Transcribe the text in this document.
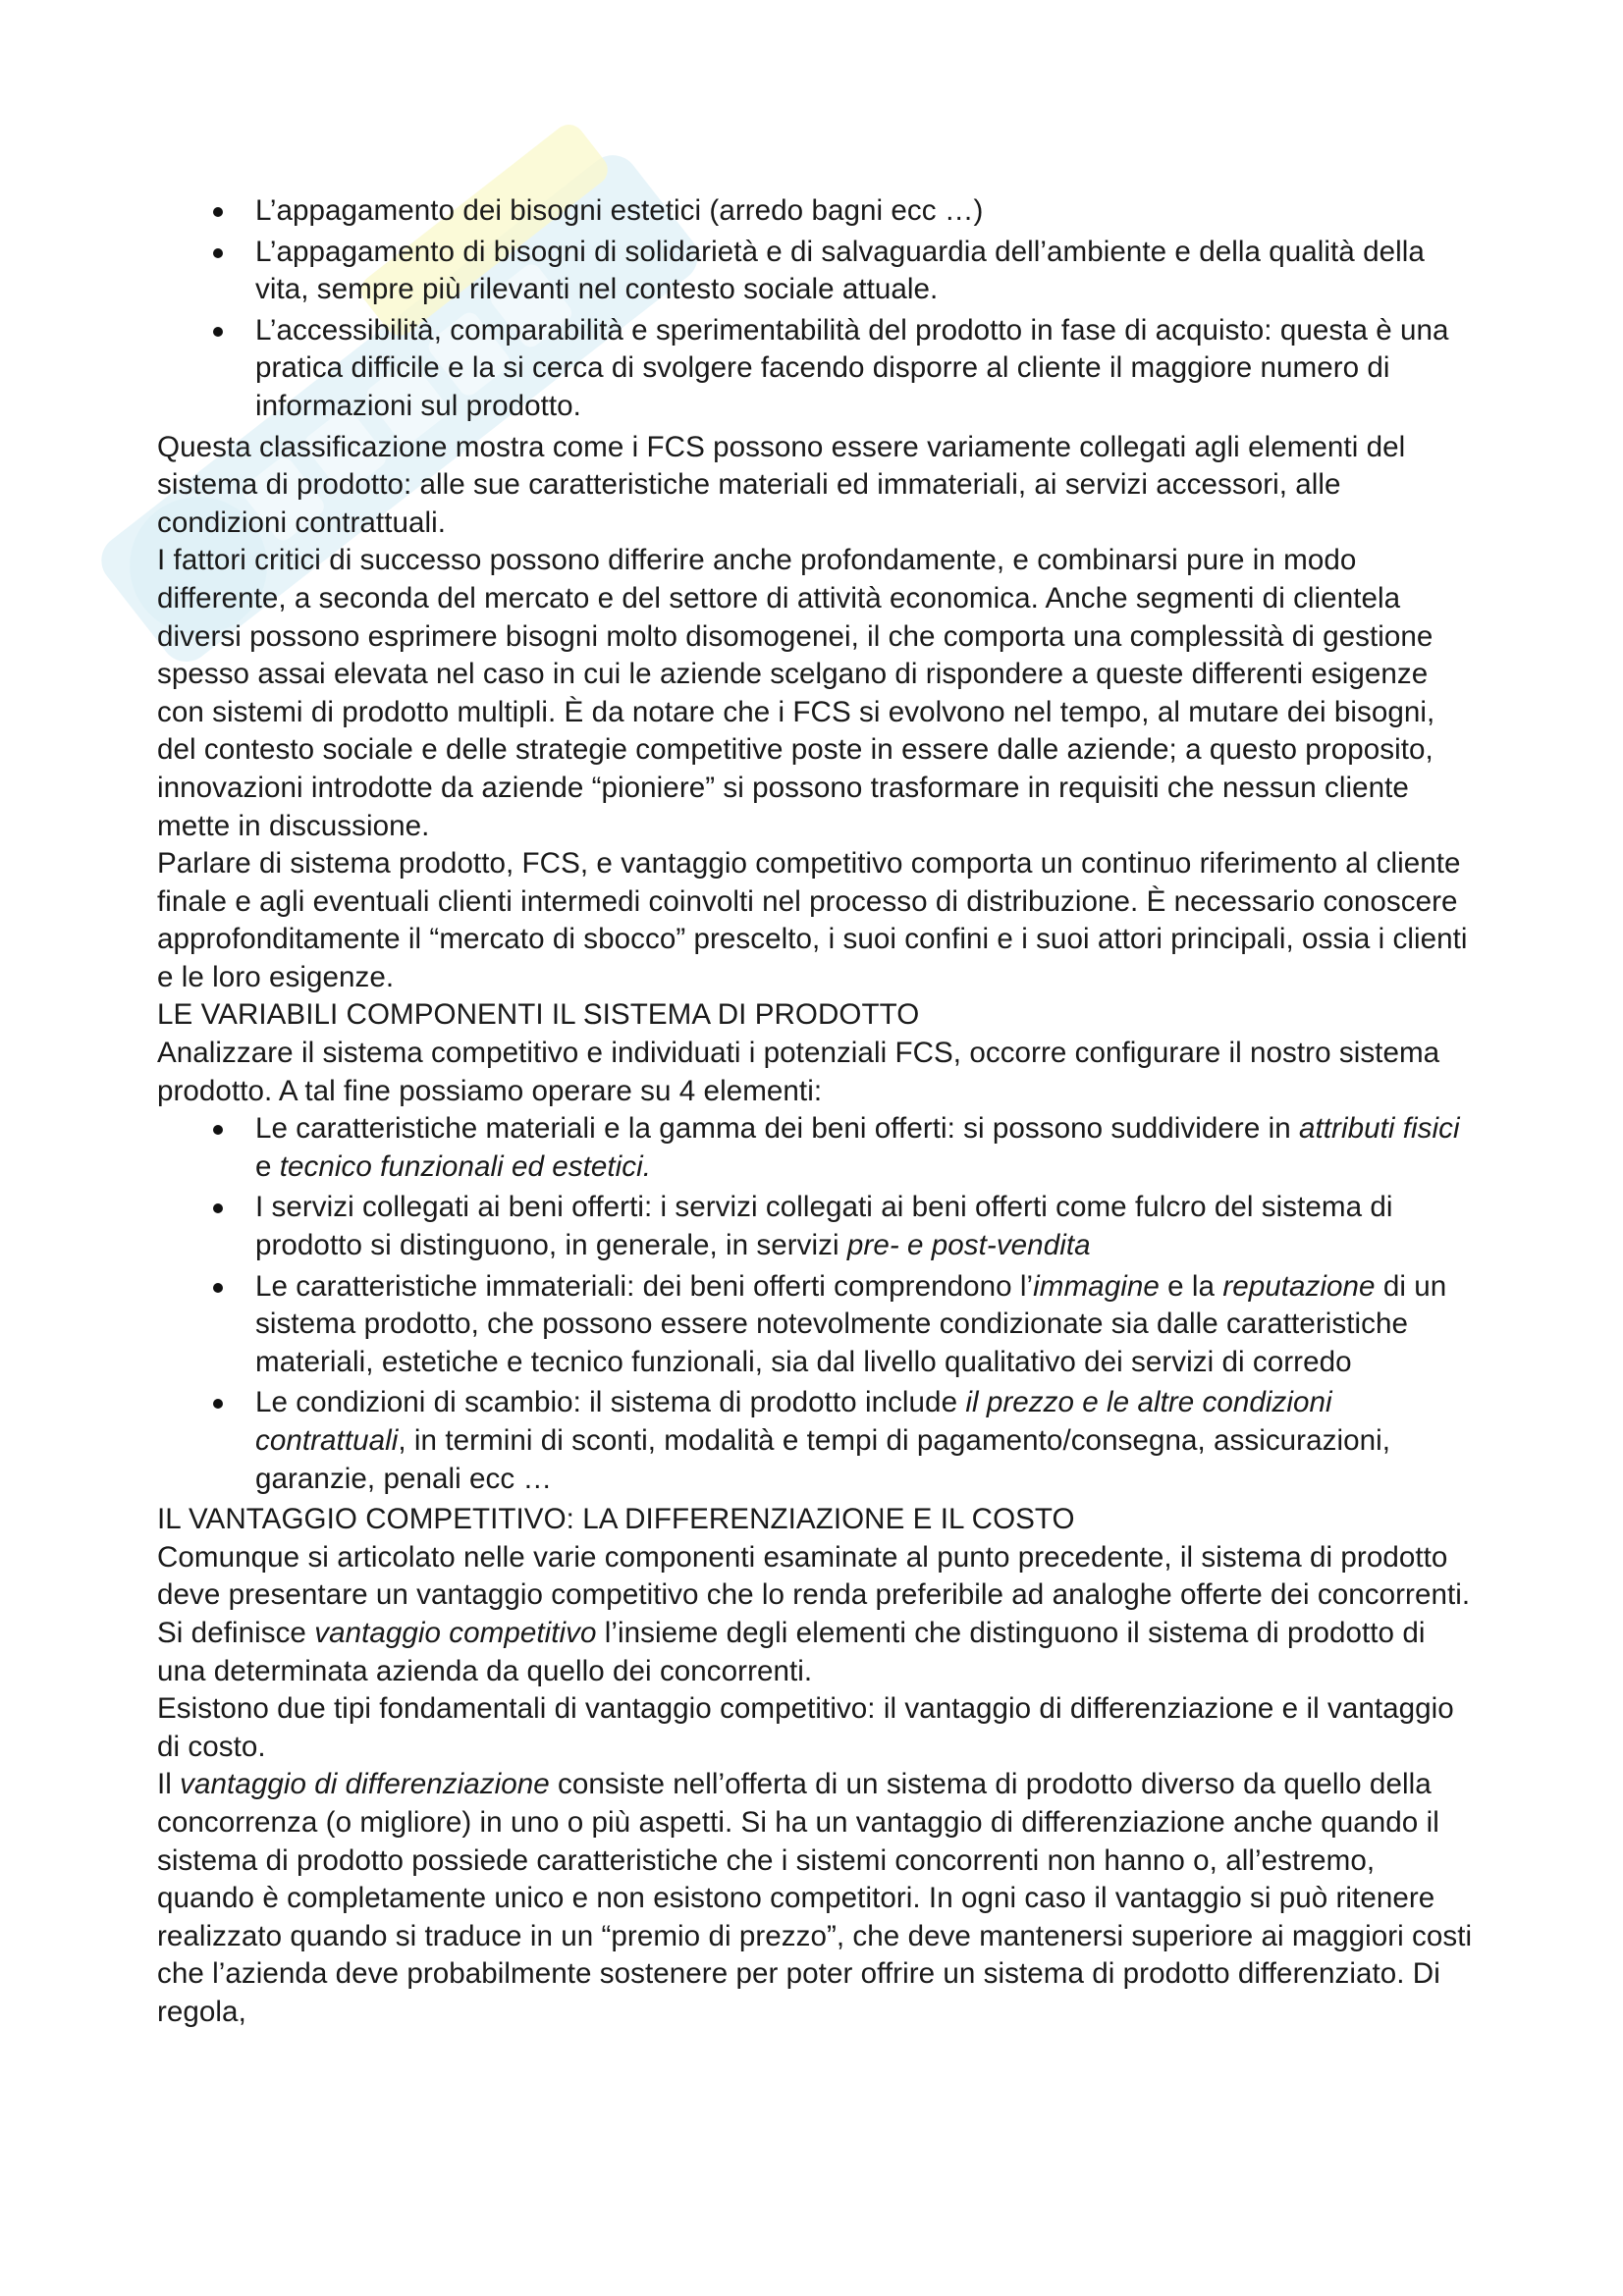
L’appagamento dei bisogni estetici (arredo bagni ecc …)
L’appagamento di bisogni di solidarietà e di salvaguardia dell’ambiente e della qualità della vita, sempre più rilevanti nel contesto sociale attuale.
L’accessibilità, comparabilità e sperimentabilità del prodotto in fase di acquisto: questa è una pratica difficile e la si cerca di svolgere facendo disporre al cliente il maggiore numero di informazioni sul prodotto.

Questa classificazione mostra come i FCS possono essere variamente collegati agli elementi del sistema di prodotto: alle sue caratteristiche materiali ed immateriali, ai servizi accessori, alle condizioni contrattuali.

I fattori critici di successo possono differire anche profondamente, e combinarsi pure in modo differente, a seconda del mercato e del settore di attività economica. Anche segmenti di clientela diversi possono esprimere bisogni molto disomogenei, il che comporta una complessità di gestione spesso assai elevata nel caso in cui le aziende scelgano di rispondere a queste differenti esigenze con sistemi di prodotto multipli. È da notare che i FCS si evolvono nel tempo, al mutare dei bisogni, del contesto sociale e delle strategie competitive poste in essere dalle aziende; a questo proposito, innovazioni introdotte da aziende “pioniere” si possono trasformare in requisiti che nessun cliente mette in discussione.

Parlare di sistema prodotto, FCS, e vantaggio competitivo comporta un continuo riferimento al cliente finale e agli eventuali clienti intermedi coinvolti nel processo di distribuzione. È necessario conoscere approfonditamente il “mercato di sbocco” prescelto, i suoi confini e i suoi attori principali, ossia i clienti e le loro esigenze.

LE VARIABILI COMPONENTI IL SISTEMA DI PRODOTTO

Analizzare il sistema competitivo e individuati i potenziali FCS, occorre configurare il nostro sistema prodotto. A tal fine possiamo operare su 4 elementi:

Le caratteristiche materiali e la gamma dei beni offerti: si possono suddividere in attributi fisici e tecnico funzionali ed estetici.
I servizi collegati ai beni offerti: i servizi collegati ai beni offerti come fulcro del sistema di prodotto si distinguono, in generale, in servizi pre- e post-vendita
Le caratteristiche immateriali: dei beni offerti comprendono l’immagine e la reputazione di un sistema prodotto, che possono essere notevolmente condizionate sia dalle caratteristiche materiali, estetiche e tecnico funzionali, sia dal livello qualitativo dei servizi di corredo
Le condizioni di scambio: il sistema di prodotto include il prezzo e le altre condizioni contrattuali, in termini di sconti, modalità e tempi di pagamento/consegna, assicurazioni, garanzie, penali ecc …

IL VANTAGGIO COMPETITIVO: LA DIFFERENZIAZIONE E IL COSTO

Comunque si articolato nelle varie componenti esaminate al punto precedente, il sistema di prodotto deve presentare un vantaggio competitivo che lo renda preferibile ad analoghe offerte dei concorrenti. Si definisce vantaggio competitivo l’insieme degli elementi che distinguono il sistema di prodotto di una determinata azienda da quello dei concorrenti.

Esistono due tipi fondamentali di vantaggio competitivo: il vantaggio di differenziazione e il vantaggio di costo.

Il vantaggio di differenziazione consiste nell’offerta di un sistema di prodotto diverso da quello della concorrenza (o migliore) in uno o più aspetti. Si ha un vantaggio di differenziazione anche quando il sistema di prodotto possiede caratteristiche che i sistemi concorrenti non hanno o, all’estremo, quando è completamente unico e non esistono competitori. In ogni caso il vantaggio si può ritenere realizzato quando si traduce in un “premio di prezzo”, che deve mantenersi superiore ai maggiori costi che l’azienda deve probabilmente sostenere per poter offrire un sistema di prodotto differenziato. Di regola,
